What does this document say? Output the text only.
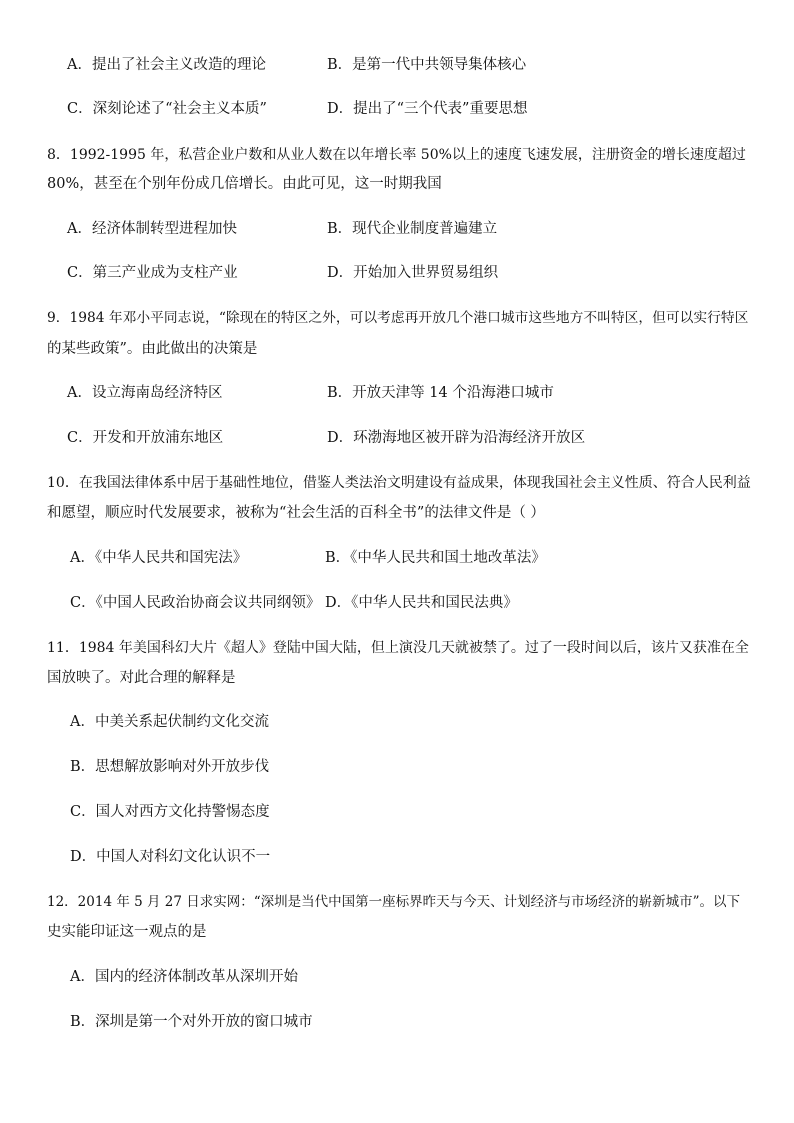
A．提出了社会主义改造的理论	B．是第一代中共领导集体核心
C．深刻论述了“社会主义本质”	D．提出了“三个代表”重要思想
8．1992-1995 年，私营企业户数和从业人数在以年增长率 50%以上的速度飞速发展，注册资金的增长速度超过
80%，甚至在个别年份成几倍增长。由此可见，这一时期我国
A．经济体制转型进程加快	B．现代企业制度普遍建立
C．第三产业成为支柱产业	D．开始加入世界贸易组织
9．1984 年邓小平同志说，“除现在的特区之外，可以考虑再开放几个港口城市这些地方不叫特区，但可以实行特区
的某些政策”。由此做出的决策是
A．设立海南岛经济特区	B．开放天津等 14 个沿海港口城市
C．开发和开放浦东地区	D．环渤海地区被开辟为沿海经济开放区
10．在我国法律体系中居于基础性地位，借鉴人类法治文明建设有益成果，体现我国社会主义性质、符合人民利益
和愿望，顺应时代发展要求，被称为“社会生活的百科全书”的法律文件是（ ）
A．《中华人民共和国宪法》	B．《中华人民共和国土地改革法》
C．《中国人民政治协商会议共同纲领》 D．《中华人民共和国民法典》
11．1984 年美国科幻大片《超人》登陆中国大陆，但上演没几天就被禁了。过了一段时间以后，该片又获准在全
国放映了。对此合理的解释是
A．中美关系起伏制约文化交流
B．思想解放影响对外开放步伐
C．国人对西方文化持警惕态度
D．中国人对科幻文化认识不一
12．2014 年 5 月 27 日求实网：“深圳是当代中国第一座标界昨天与今天、计划经济与市场经济的崭新城市”。以下
史实能印证这一观点的是
A．国内的经济体制改革从深圳开始
B．深圳是第一个对外开放的窗口城市
